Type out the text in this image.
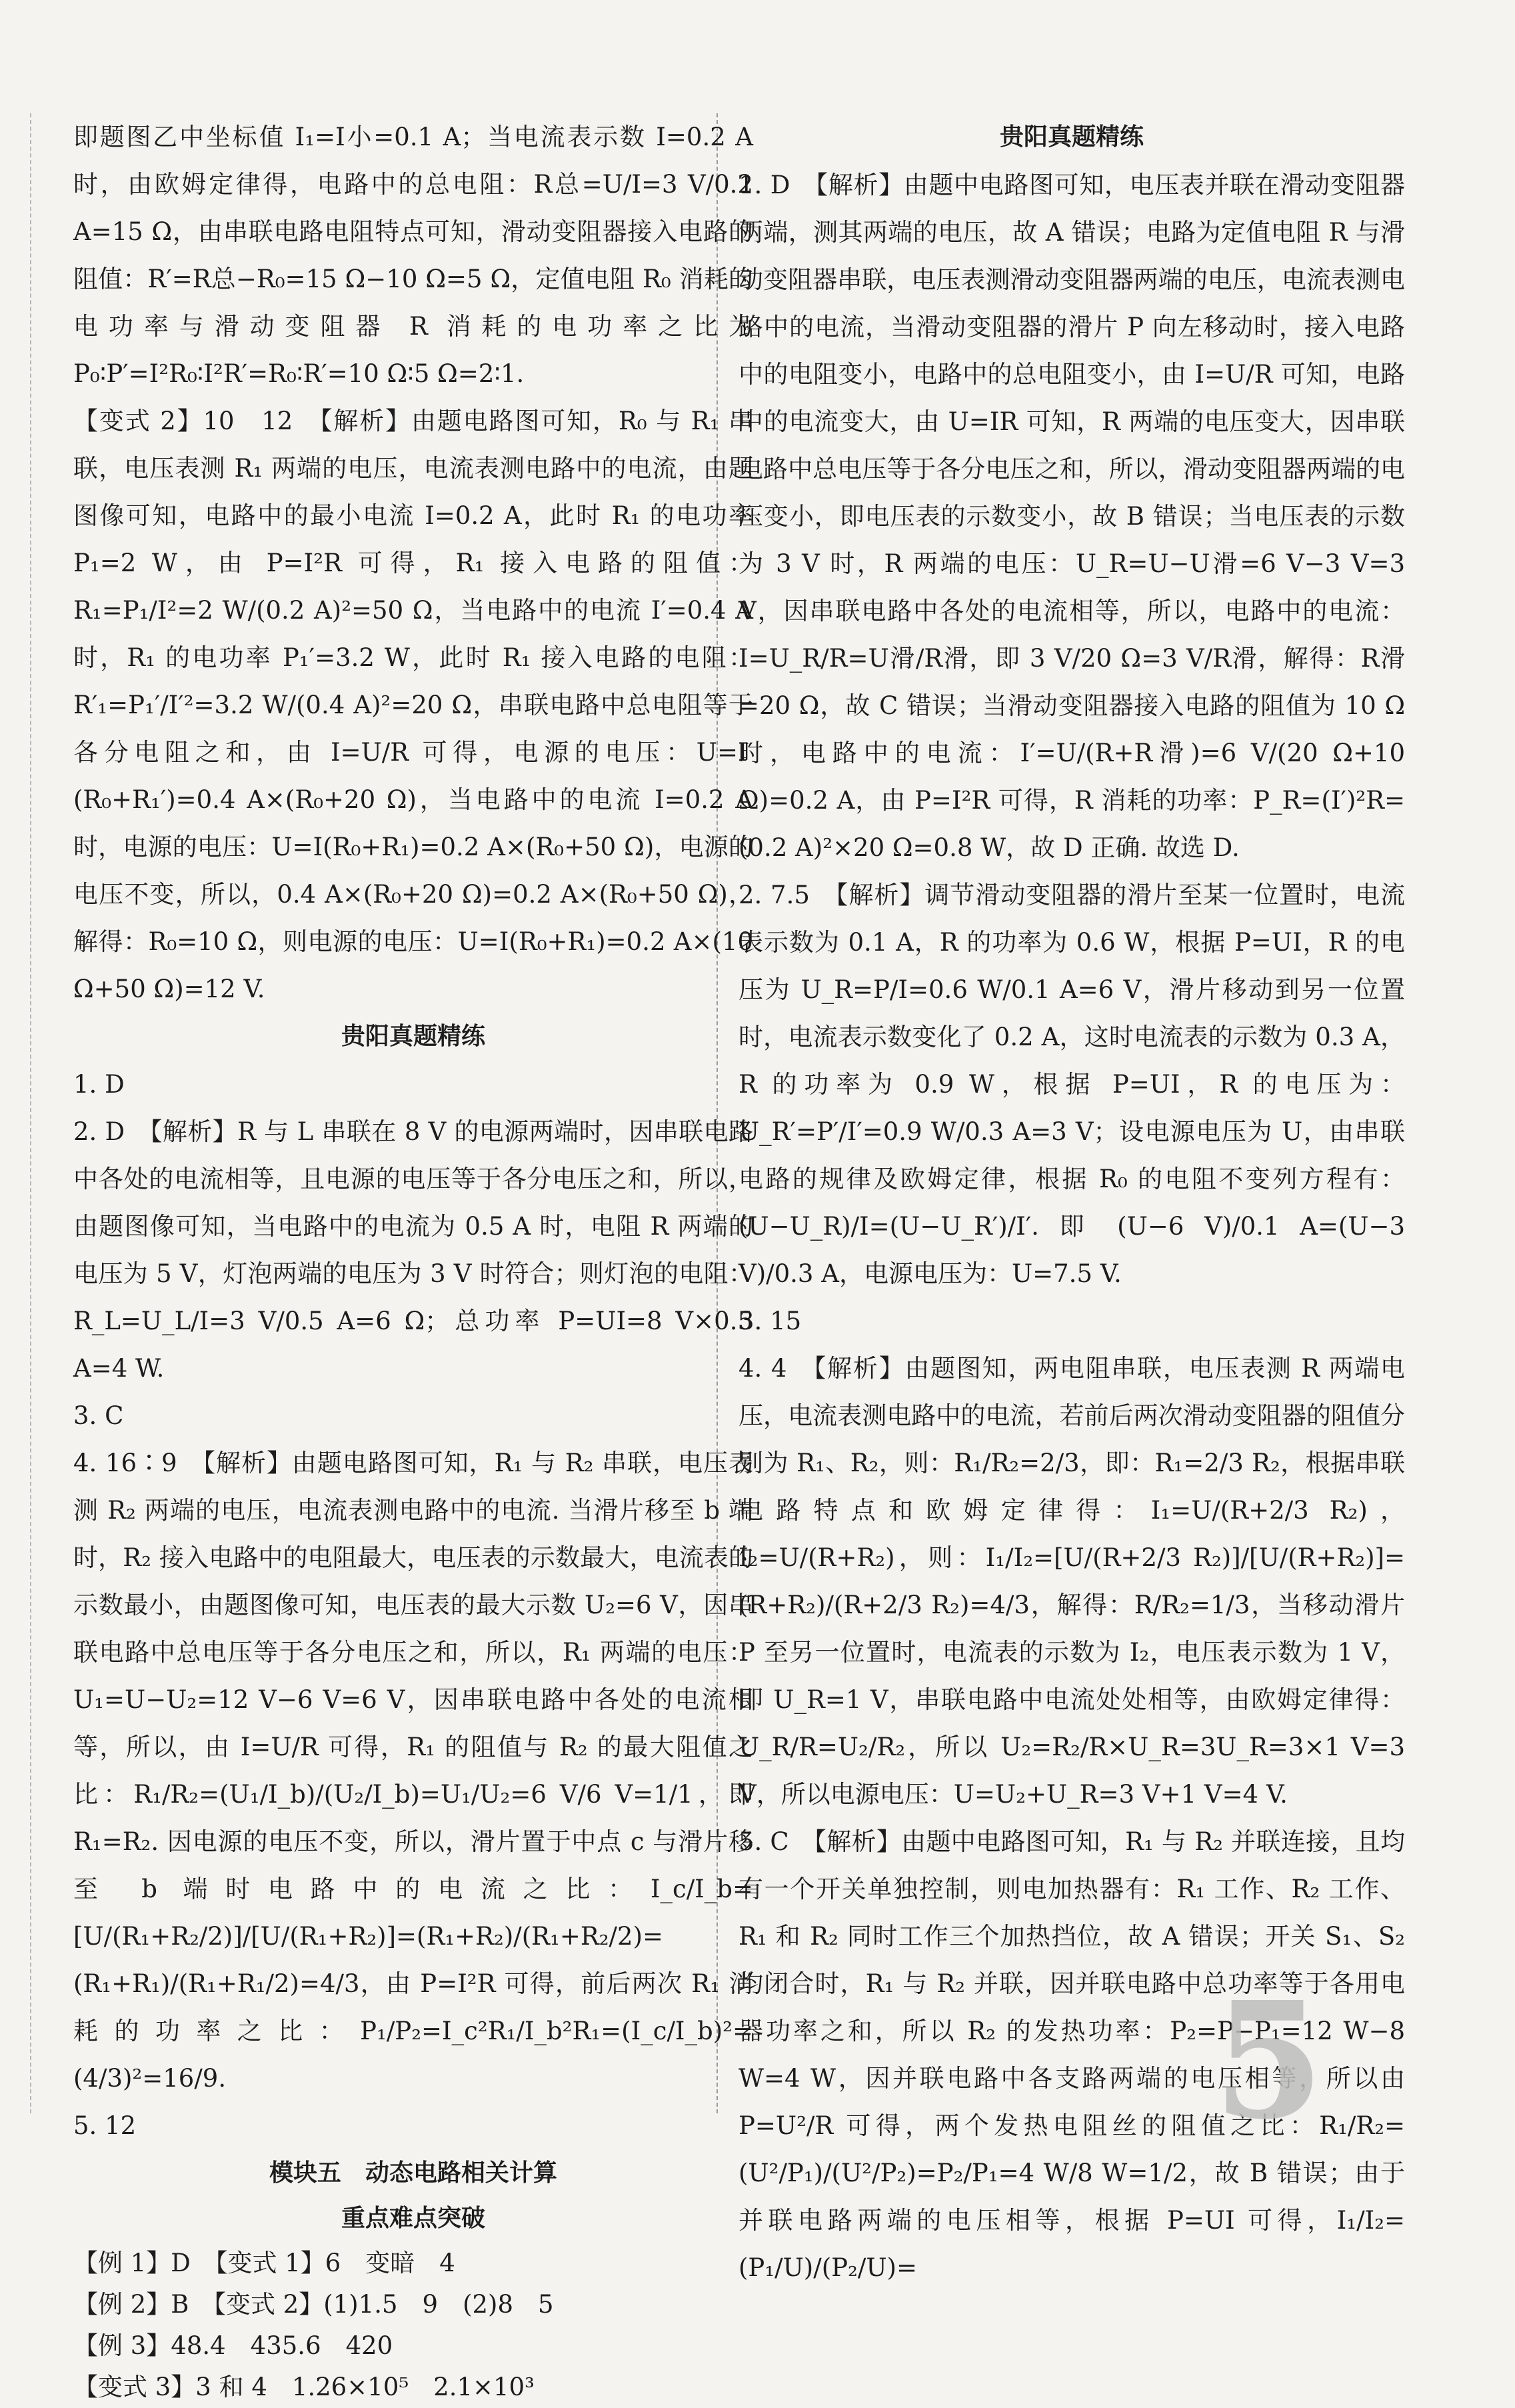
即题图乙中坐标值 I₁=I小=0.1 A；当电流表示数 I=0.2 A 时，由欧姆定律得，电路中的总电阻：R总=U/I=3 V/0.2 A=15 Ω，由串联电路电阻特点可知，滑动变阻器接入电路的阻值：R′=R总−R₀=15 Ω−10 Ω=5 Ω，定值电阻 R₀ 消耗的电功率与滑动变阻器 R 消耗的电功率之比为 P₀∶P′=I²R₀∶I²R′=R₀∶R′=10 Ω∶5 Ω=2∶1.

【变式 2】10　12　【解析】由题电路图可知，R₀ 与 R₁ 串联，电压表测 R₁ 两端的电压，电流表测电路中的电流，由题图像可知，电路中的最小电流 I=0.2 A，此时 R₁ 的电功率 P₁=2 W，由 P=I²R 可得，R₁ 接入电路的阻值：R₁=P₁/I²=2 W/(0.2 A)²=50 Ω，当电路中的电流 I′=0.4 A 时，R₁ 的电功率 P₁′=3.2 W，此时 R₁ 接入电路的电阻：R′₁=P₁′/I′²=3.2 W/(0.4 A)²=20 Ω，串联电路中总电阻等于各分电阻之和，由 I=U/R 可得，电源的电压：U=I′(R₀+R₁′)=0.4 A×(R₀+20 Ω)，当电路中的电流 I=0.2 A 时，电源的电压：U=I(R₀+R₁)=0.2 A×(R₀+50 Ω)，电源的电压不变，所以，0.4 A×(R₀+20 Ω)=0.2 A×(R₀+50 Ω)，解得：R₀=10 Ω，则电源的电压：U=I(R₀+R₁)=0.2 A×(10 Ω+50 Ω)=12 V.

贵阳真题精练

1. D

2. D　【解析】R 与 L 串联在 8 V 的电源两端时，因串联电路中各处的电流相等，且电源的电压等于各分电压之和，所以，由题图像可知，当电路中的电流为 0.5 A 时，电阻 R 两端的电压为 5 V，灯泡两端的电压为 3 V 时符合；则灯泡的电阻：R_L=U_L/I=3 V/0.5 A=6 Ω；总功率 P=UI=8 V×0.5 A=4 W.

3. C

4. 16∶9　【解析】由题电路图可知，R₁ 与 R₂ 串联，电压表测 R₂ 两端的电压，电流表测电路中的电流. 当滑片移至 b 端时，R₂ 接入电路中的电阻最大，电压表的示数最大，电流表的示数最小，由题图像可知，电压表的最大示数 U₂=6 V，因串联电路中总电压等于各分电压之和，所以，R₁ 两端的电压：U₁=U−U₂=12 V−6 V=6 V，因串联电路中各处的电流相等，所以，由 I=U/R 可得，R₁ 的阻值与 R₂ 的最大阻值之比：R₁/R₂=(U₁/I_b)/(U₂/I_b)=U₁/U₂=6 V/6 V=1/1，即 R₁=R₂. 因电源的电压不变，所以，滑片置于中点 c 与滑片移至 b 端时电路中的电流之比：I_c/I_b=[U/(R₁+R₂/2)]/[U/(R₁+R₂)]=(R₁+R₂)/(R₁+R₂/2)=(R₁+R₁)/(R₁+R₁/2)=4/3，由 P=I²R 可得，前后两次 R₁ 消耗的功率之比：P₁/P₂=I_c²R₁/I_b²R₁=(I_c/I_b)²=(4/3)²=16/9.

5. 12

模块五　动态电路相关计算
重点难点突破

【例 1】D　【变式 1】6　变暗　4

【例 2】B　【变式 2】(1)1.5　9　(2)8　5

【例 3】48.4　435.6　420

【变式 3】3 和 4　1.26×10⁵　2.1×10³

贵阳真题精练

1. D　【解析】由题中电路图可知，电压表并联在滑动变阻器两端，测其两端的电压，故 A 错误；电路为定值电阻 R 与滑动变阻器串联，电压表测滑动变阻器两端的电压，电流表测电路中的电流，当滑动变阻器的滑片 P 向左移动时，接入电路中的电阻变小，电路中的总电阻变小，由 I=U/R 可知，电路中的电流变大，由 U=IR 可知，R 两端的电压变大，因串联电路中总电压等于各分电压之和，所以，滑动变阻器两端的电压变小，即电压表的示数变小，故 B 错误；当电压表的示数为 3 V 时，R 两端的电压：U_R=U−U滑=6 V−3 V=3 V，因串联电路中各处的电流相等，所以，电路中的电流：I=U_R/R=U滑/R滑，即 3 V/20 Ω=3 V/R滑，解得：R滑=20 Ω，故 C 错误；当滑动变阻器接入电路的阻值为 10 Ω 时，电路中的电流：I′=U/(R+R滑)=6 V/(20 Ω+10 Ω)=0.2 A，由 P=I²R 可得，R 消耗的功率：P_R=(I′)²R=(0.2 A)²×20 Ω=0.8 W，故 D 正确. 故选 D.

2. 7.5　【解析】调节滑动变阻器的滑片至某一位置时，电流表示数为 0.1 A，R 的功率为 0.6 W，根据 P=UI，R 的电压为 U_R=P/I=0.6 W/0.1 A=6 V，滑片移动到另一位置时，电流表示数变化了 0.2 A，这时电流表的示数为 0.3 A，R 的功率为 0.9 W，根据 P=UI，R 的电压为：U_R′=P′/I′=0.9 W/0.3 A=3 V；设电源电压为 U，由串联电路的规律及欧姆定律，根据 R₀ 的电阻不变列方程有：(U−U_R)/I=(U−U_R′)/I′. 即 (U−6 V)/0.1 A=(U−3 V)/0.3 A，电源电压为：U=7.5 V.

3. 15

4. 4　【解析】由题图知，两电阻串联，电压表测 R 两端电压，电流表测电路中的电流，若前后两次滑动变阻器的阻值分别为 R₁、R₂，则：R₁/R₂=2/3，即：R₁=2/3 R₂，根据串联电路特点和欧姆定律得：I₁=U/(R+2/3 R₂)，I₂=U/(R+R₂)，则：I₁/I₂=[U/(R+2/3 R₂)]/[U/(R+R₂)]=(R+R₂)/(R+2/3 R₂)=4/3，解得：R/R₂=1/3，当移动滑片 P 至另一位置时，电流表的示数为 I₂，电压表示数为 1 V，即 U_R=1 V，串联电路中电流处处相等，由欧姆定律得：U_R/R=U₂/R₂，所以 U₂=R₂/R×U_R=3U_R=3×1 V=3 V，所以电源电压：U=U₂+U_R=3 V+1 V=4 V.

5. C　【解析】由题中电路图可知，R₁ 与 R₂ 并联连接，且均有一个开关单独控制，则电加热器有：R₁ 工作、R₂ 工作、R₁ 和 R₂ 同时工作三个加热挡位，故 A 错误；开关 S₁、S₂ 均闭合时，R₁ 与 R₂ 并联，因并联电路中总功率等于各用电器功率之和，所以 R₂ 的发热功率：P₂=P−P₁=12 W−8 W=4 W，因并联电路中各支路两端的电压相等，所以由 P=U²/R 可得，两个发热电阻丝的阻值之比：R₁/R₂=(U²/P₁)/(U²/P₂)=P₂/P₁=4 W/8 W=1/2，故 B 错误；由于并联电路两端的电压相等，根据 P=UI 可得，I₁/I₂=(P₁/U)/(P₂/U)=

5
